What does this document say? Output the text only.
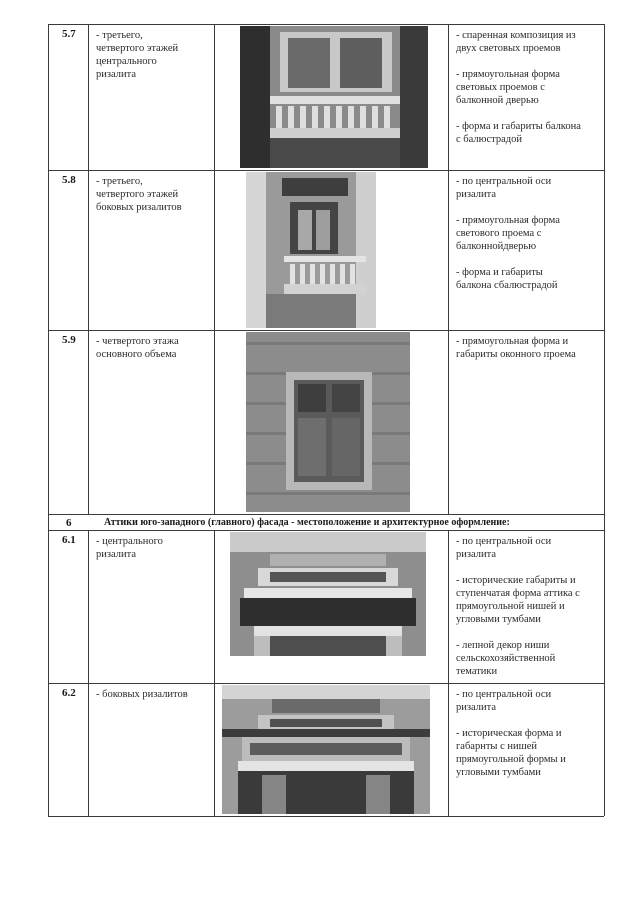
5.7 - третьего,
четвертого этажей
центрального
ризалита
- спаренная композиция из
двух световых проемов

- прямоугольная форма
световых проемов с
балконной дверью

- форма и габариты балкона
с балюстрадой
5.8 - третьего,
четвертого этажей
боковых ризалитов
- по центральной оси
ризалита

- прямоугольная форма
светового проема с
балконнойдверью

- форма и габариты
балкона сбалюстрадой
5.9 - четвертого этажа
основного объема
- прямоугольная форма и
габариты оконного проема
6	Аттики юго-западного (главного) фасада - местоположение и архитектурное оформление:
6.1 - центрального
ризалита
- по центральной оси
ризалита

- исторические габариты и
ступенчатая форма аттика с
прямоугольной нишей и
угловыми тумбами

- лепной декор ниши
сельскохозяйственной
тематики
6.2 - боковых ризалитов	- по центральной оси
ризалита

- историческая форма и
габарнты с нишей
прямоугольной формы и
угловыми тумбами
